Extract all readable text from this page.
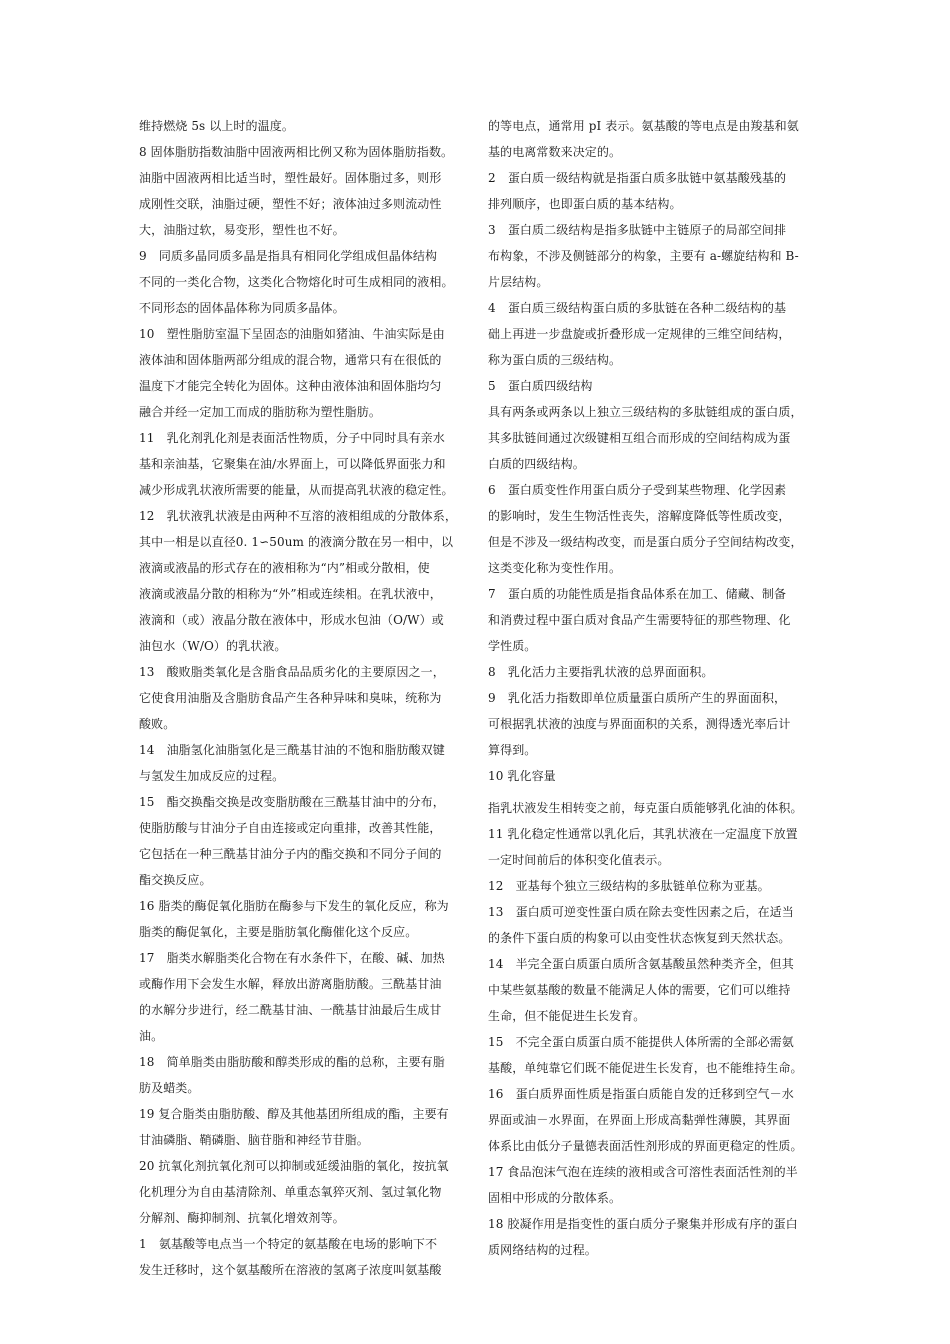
维持燃烧 5s 以上时的温度。

8 固体脂肪指数油脂中固液两相比例又称为固体脂肪指数。

油脂中固液两相比适当时，塑性最好。固体脂过多，则形

成刚性交联，油脂过硬，塑性不好；液体油过多则流动性

大，油脂过软，易变形，塑性也不好。

9　同质多晶同质多晶是指具有相同化学组成但晶体结构

不同的一类化合物，这类化合物熔化时可生成相同的液相。

不同形态的固体晶体称为同质多晶体。

10　塑性脂肪室温下呈固态的油脂如猪油、牛油实际是由

液体油和固体脂两部分组成的混合物，通常只有在很低的

温度下才能完全转化为固体。这种由液体油和固体脂均匀

融合并经一定加工而成的脂肪称为塑性脂肪。

11　乳化剂乳化剂是表面活性物质，分子中同时具有亲水

基和亲油基，它聚集在油/水界面上，可以降低界面张力和

减少形成乳状液所需要的能量，从而提高乳状液的稳定性。

12　乳状液乳状液是由两种不互溶的液相组成的分散体系，

其中一相是以直径0. 1∽50um 的液滴分散在另一相中，以

液滴或液晶的形式存在的液相称为“内”相或分散相，使

液滴或液晶分散的相称为“外”相或连续相。在乳状液中，

液滴和（或）液晶分散在液体中，形成水包油（O/W）或

油包水（W/O）的乳状液。

13　酸败脂类氧化是含脂食品品质劣化的主要原因之一，

它使食用油脂及含脂肪食品产生各种异味和臭味，统称为

酸败。

14　油脂氢化油脂氢化是三酰基甘油的不饱和脂肪酸双键

与氢发生加成反应的过程。

15　酯交换酯交换是改变脂肪酸在三酰基甘油中的分布，

使脂肪酸与甘油分子自由连接或定向重排，改善其性能，

它包括在一种三酰基甘油分子内的酯交换和不同分子间的

酯交换反应。

16 脂类的酶促氧化脂肪在酶参与下发生的氧化反应，称为

脂类的酶促氧化，主要是脂肪氧化酶催化这个反应。

17　脂类水解脂类化合物在有水条件下，在酸、碱、加热

或酶作用下会发生水解，释放出游离脂肪酸。三酰基甘油

的水解分步进行，经二酰基甘油、一酰基甘油最后生成甘

油。

18　简单脂类由脂肪酸和醇类形成的酯的总称，主要有脂

肪及蜡类。

19 复合脂类由脂肪酸、醇及其他基团所组成的酯，主要有

甘油磷脂、鞘磷脂、脑苷脂和神经节苷脂。

20 抗氧化剂抗氧化剂可以抑制或延缓油脂的氧化，按抗氧

化机理分为自由基清除剂、单重态氧猝灭剂、氢过氧化物

分解剂、酶抑制剂、抗氧化增效剂等。

1　氨基酸等电点当一个特定的氨基酸在电场的影响下不

发生迁移时，这个氨基酸所在溶液的氢离子浓度叫氨基酸

的等电点，通常用 pI 表示。氨基酸的等电点是由羧基和氨

基的电离常数来决定的。

2　蛋白质一级结构就是指蛋白质多肽链中氨基酸残基的

排列顺序，也即蛋白质的基本结构。

3　蛋白质二级结构是指多肽链中主链原子的局部空间排

布构象，不涉及侧链部分的构象，主要有 a-螺旋结构和 B-

片层结构。

4　蛋白质三级结构蛋白质的多肽链在各种二级结构的基

础上再进一步盘旋或折叠形成一定规律的三维空间结构，

称为蛋白质的三级结构。

5　蛋白质四级结构

具有两条或两条以上独立三级结构的多肽链组成的蛋白质，

其多肽链间通过次级键相互组合而形成的空间结构成为蛋

白质的四级结构。

6　蛋白质变性作用蛋白质分子受到某些物理、化学因素

的影响时，发生生物活性丧失，溶解度降低等性质改变，

但是不涉及一级结构改变，而是蛋白质分子空间结构改变，

这类变化称为变性作用。

7　蛋白质的功能性质是指食品体系在加工、储藏、制备

和消费过程中蛋白质对食品产生需要特征的那些物理、化

学性质。

8　乳化活力主要指乳状液的总界面面积。

9　乳化活力指数即单位质量蛋白质所产生的界面面积，

可根据乳状液的浊度与界面面积的关系，测得透光率后计

算得到。

10 乳化容量

指乳状液发生相转变之前，每克蛋白质能够乳化油的体积。

11 乳化稳定性通常以乳化后，其乳状液在一定温度下放置

一定时间前后的体积变化值表示。

12　亚基每个独立三级结构的多肽链单位称为亚基。

13　蛋白质可逆变性蛋白质在除去变性因素之后，在适当

的条件下蛋白质的构象可以由变性状态恢复到天然状态。

14　半完全蛋白质蛋白质所含氨基酸虽然种类齐全，但其

中某些氨基酸的数量不能满足人体的需要，它们可以维持

生命，但不能促进生长发育。

15　不完全蛋白质蛋白质不能提供人体所需的全部必需氨

基酸，单纯靠它们既不能促进生长发育，也不能维持生命。

16　蛋白质界面性质是指蛋白质能自发的迁移到空气－水

界面或油－水界面，在界面上形成高黏弹性薄膜，其界面

体系比由低分子量德表面活性剂形成的界面更稳定的性质。

17 食品泡沫气泡在连续的液相或含可溶性表面活性剂的半

固相中形成的分散体系。

18 胶凝作用是指变性的蛋白质分子聚集并形成有序的蛋白

质网络结构的过程。
